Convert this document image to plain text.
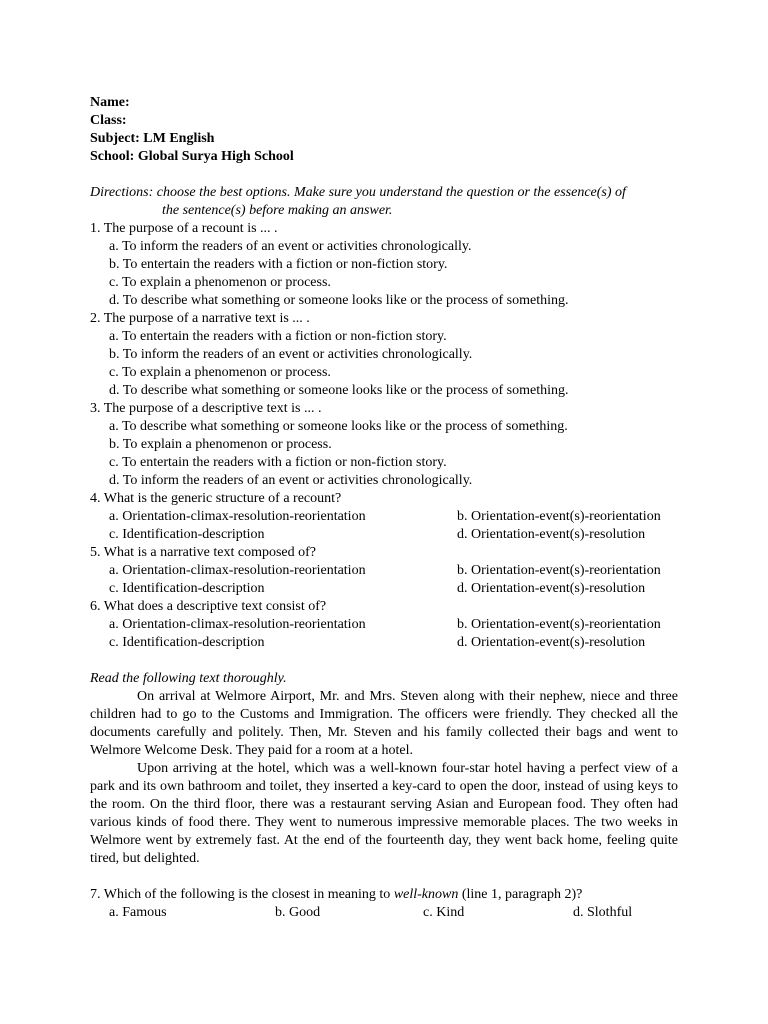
Name:
Class:
Subject: LM English
School: Global Surya High School
Directions: choose the best options. Make sure you understand the question or the essence(s) of
the sentence(s) before making an answer.
1. The purpose of a recount is ... .
a. To inform the readers of an event or activities chronologically.
b. To entertain the readers with a fiction or non-fiction story.
c. To explain a phenomenon or process.
d. To describe what something or someone looks like or the process of something.
2. The purpose of a narrative text is ... .
a. To entertain the readers with a fiction or non-fiction story.
b. To inform the readers of an event or activities chronologically.
c. To explain a phenomenon or process.
d. To describe what something or someone looks like or the process of something.
3. The purpose of a descriptive text is ... .
a. To describe what something or someone looks like or the process of something.
b. To explain a phenomenon or process.
c. To entertain the readers with a fiction or non-fiction story.
d. To inform the readers of an event or activities chronologically.
4. What is the generic structure of a recount?
a. Orientation-climax-resolution-reorientation	b. Orientation-event(s)-reorientation
c. Identification-description	d. Orientation-event(s)-resolution
5. What is a narrative text composed of?
a. Orientation-climax-resolution-reorientation	b. Orientation-event(s)-reorientation
c. Identification-description	d. Orientation-event(s)-resolution
6. What does a descriptive text consist of?
a. Orientation-climax-resolution-reorientation	b. Orientation-event(s)-reorientation
c. Identification-description	d. Orientation-event(s)-resolution
Read the following text thoroughly.
On arrival at Welmore Airport, Mr. and Mrs. Steven along with their nephew, niece and three children had to go to the Customs and Immigration. The officers were friendly. They checked all the documents carefully and politely. Then, Mr. Steven and his family collected their bags and went to Welmore Welcome Desk. They paid for a room at a hotel.
Upon arriving at the hotel, which was a well-known four-star hotel having a perfect view of a park and its own bathroom and toilet, they inserted a key-card to open the door, instead of using keys to the room. On the third floor, there was a restaurant serving Asian and European food. They often had various kinds of food there. They went to numerous impressive memorable places. The two weeks in Welmore went by extremely fast. At the end of the fourteenth day, they went back home, feeling quite tired, but delighted.
7. Which of the following is the closest in meaning to well-known (line 1, paragraph 2)?
a. Famous	b. Good	c. Kind	d. Slothful
